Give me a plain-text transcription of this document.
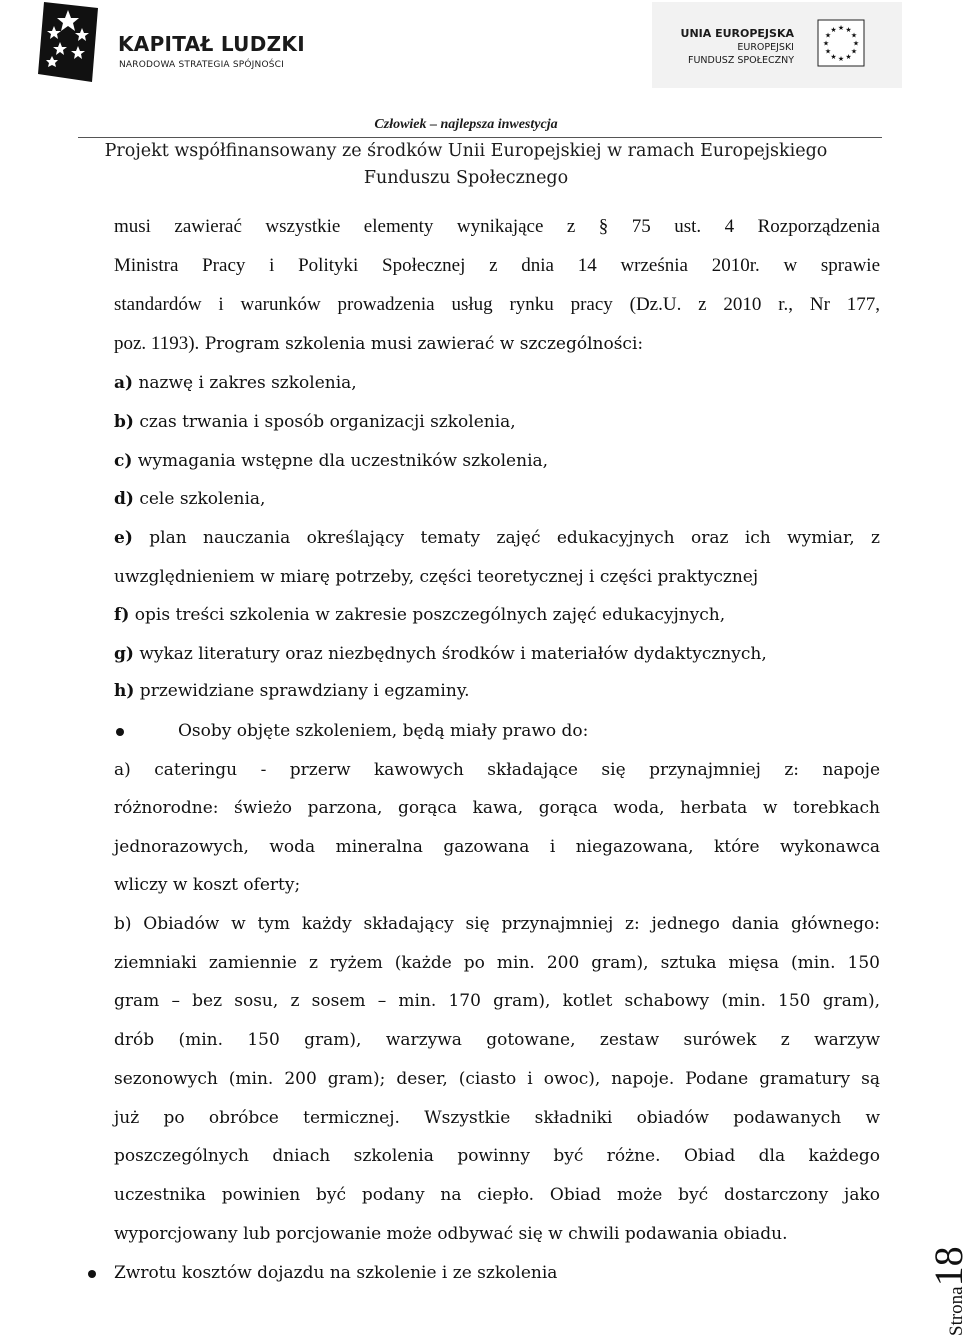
KAPITAŁ LUDZKI
NARODOWA STRATEGIA SPÓJNOŚCI
UNIA EUROPEJSKA
EUROPEJSKI
FUNDUSZ SPOŁECZNY
★ ★
★
★
★
★
★
★
★
★
★
★
Człowiek – najlepsza inwestycja
Projekt współfinansowany ze środków Unii Europejskiej w ramach Europejskiego
Funduszu Społecznego
musi zawierać wszystkie elementy wynikające z § 75 ust. 4 Rozporządzenia
Ministra Pracy i Polityki Społecznej z dnia 14 września 2010r. w sprawie
standardów i warunków prowadzenia usług rynku pracy (Dz.U. z 2010 r., Nr 177,
poz. 1193). Program szkolenia musi zawierać w szczególności:
a) nazwę i zakres szkolenia,
b) czas trwania i sposób organizacji szkolenia,
c) wymagania wstępne dla uczestników szkolenia,
d) cele szkolenia,
e) plan nauczania określający tematy zajęć edukacyjnych oraz ich wymiar, z
uwzględnieniem w miarę potrzeby, części teoretycznej i części praktycznej
f) opis treści szkolenia w zakresie poszczególnych zajęć edukacyjnych,
g) wykaz literatury oraz niezbędnych środków i materiałów dydaktycznych,
h) przewidziane sprawdziany i egzaminy.
Osoby objęte szkoleniem, będą miały prawo do:
a) cateringu - przerw kawowych składające się przynajmniej z: napoje
różnorodne: świeżo parzona, gorąca kawa, gorąca woda, herbata w torebkach
jednorazowych, woda mineralna gazowana i niegazowana, które wykonawca
wliczy w koszt oferty;
b) Obiadów w tym każdy składający się przynajmniej z: jednego dania głównego:
ziemniaki zamiennie z ryżem (każde po min. 200 gram), sztuka mięsa (min. 150
gram – bez sosu, z sosem – min. 170 gram), kotlet schabowy (min. 150 gram),
drób (min. 150 gram), warzywa gotowane, zestaw surówek z warzyw
sezonowych (min. 200 gram); deser, (ciasto i owoc), napoje. Podane gramatury są
już po obróbce termicznej. Wszystkie składniki obiadów podawanych w
poszczególnych dniach szkolenia powinny być różne. Obiad dla każdego
uczestnika powinien być podany na ciepło. Obiad może być dostarczony jako
wyporcjowany lub porcjowanie może odbywać się w chwili podawania obiadu.
Zwrotu kosztów dojazdu na szkolenie i ze szkolenia
Strona18
